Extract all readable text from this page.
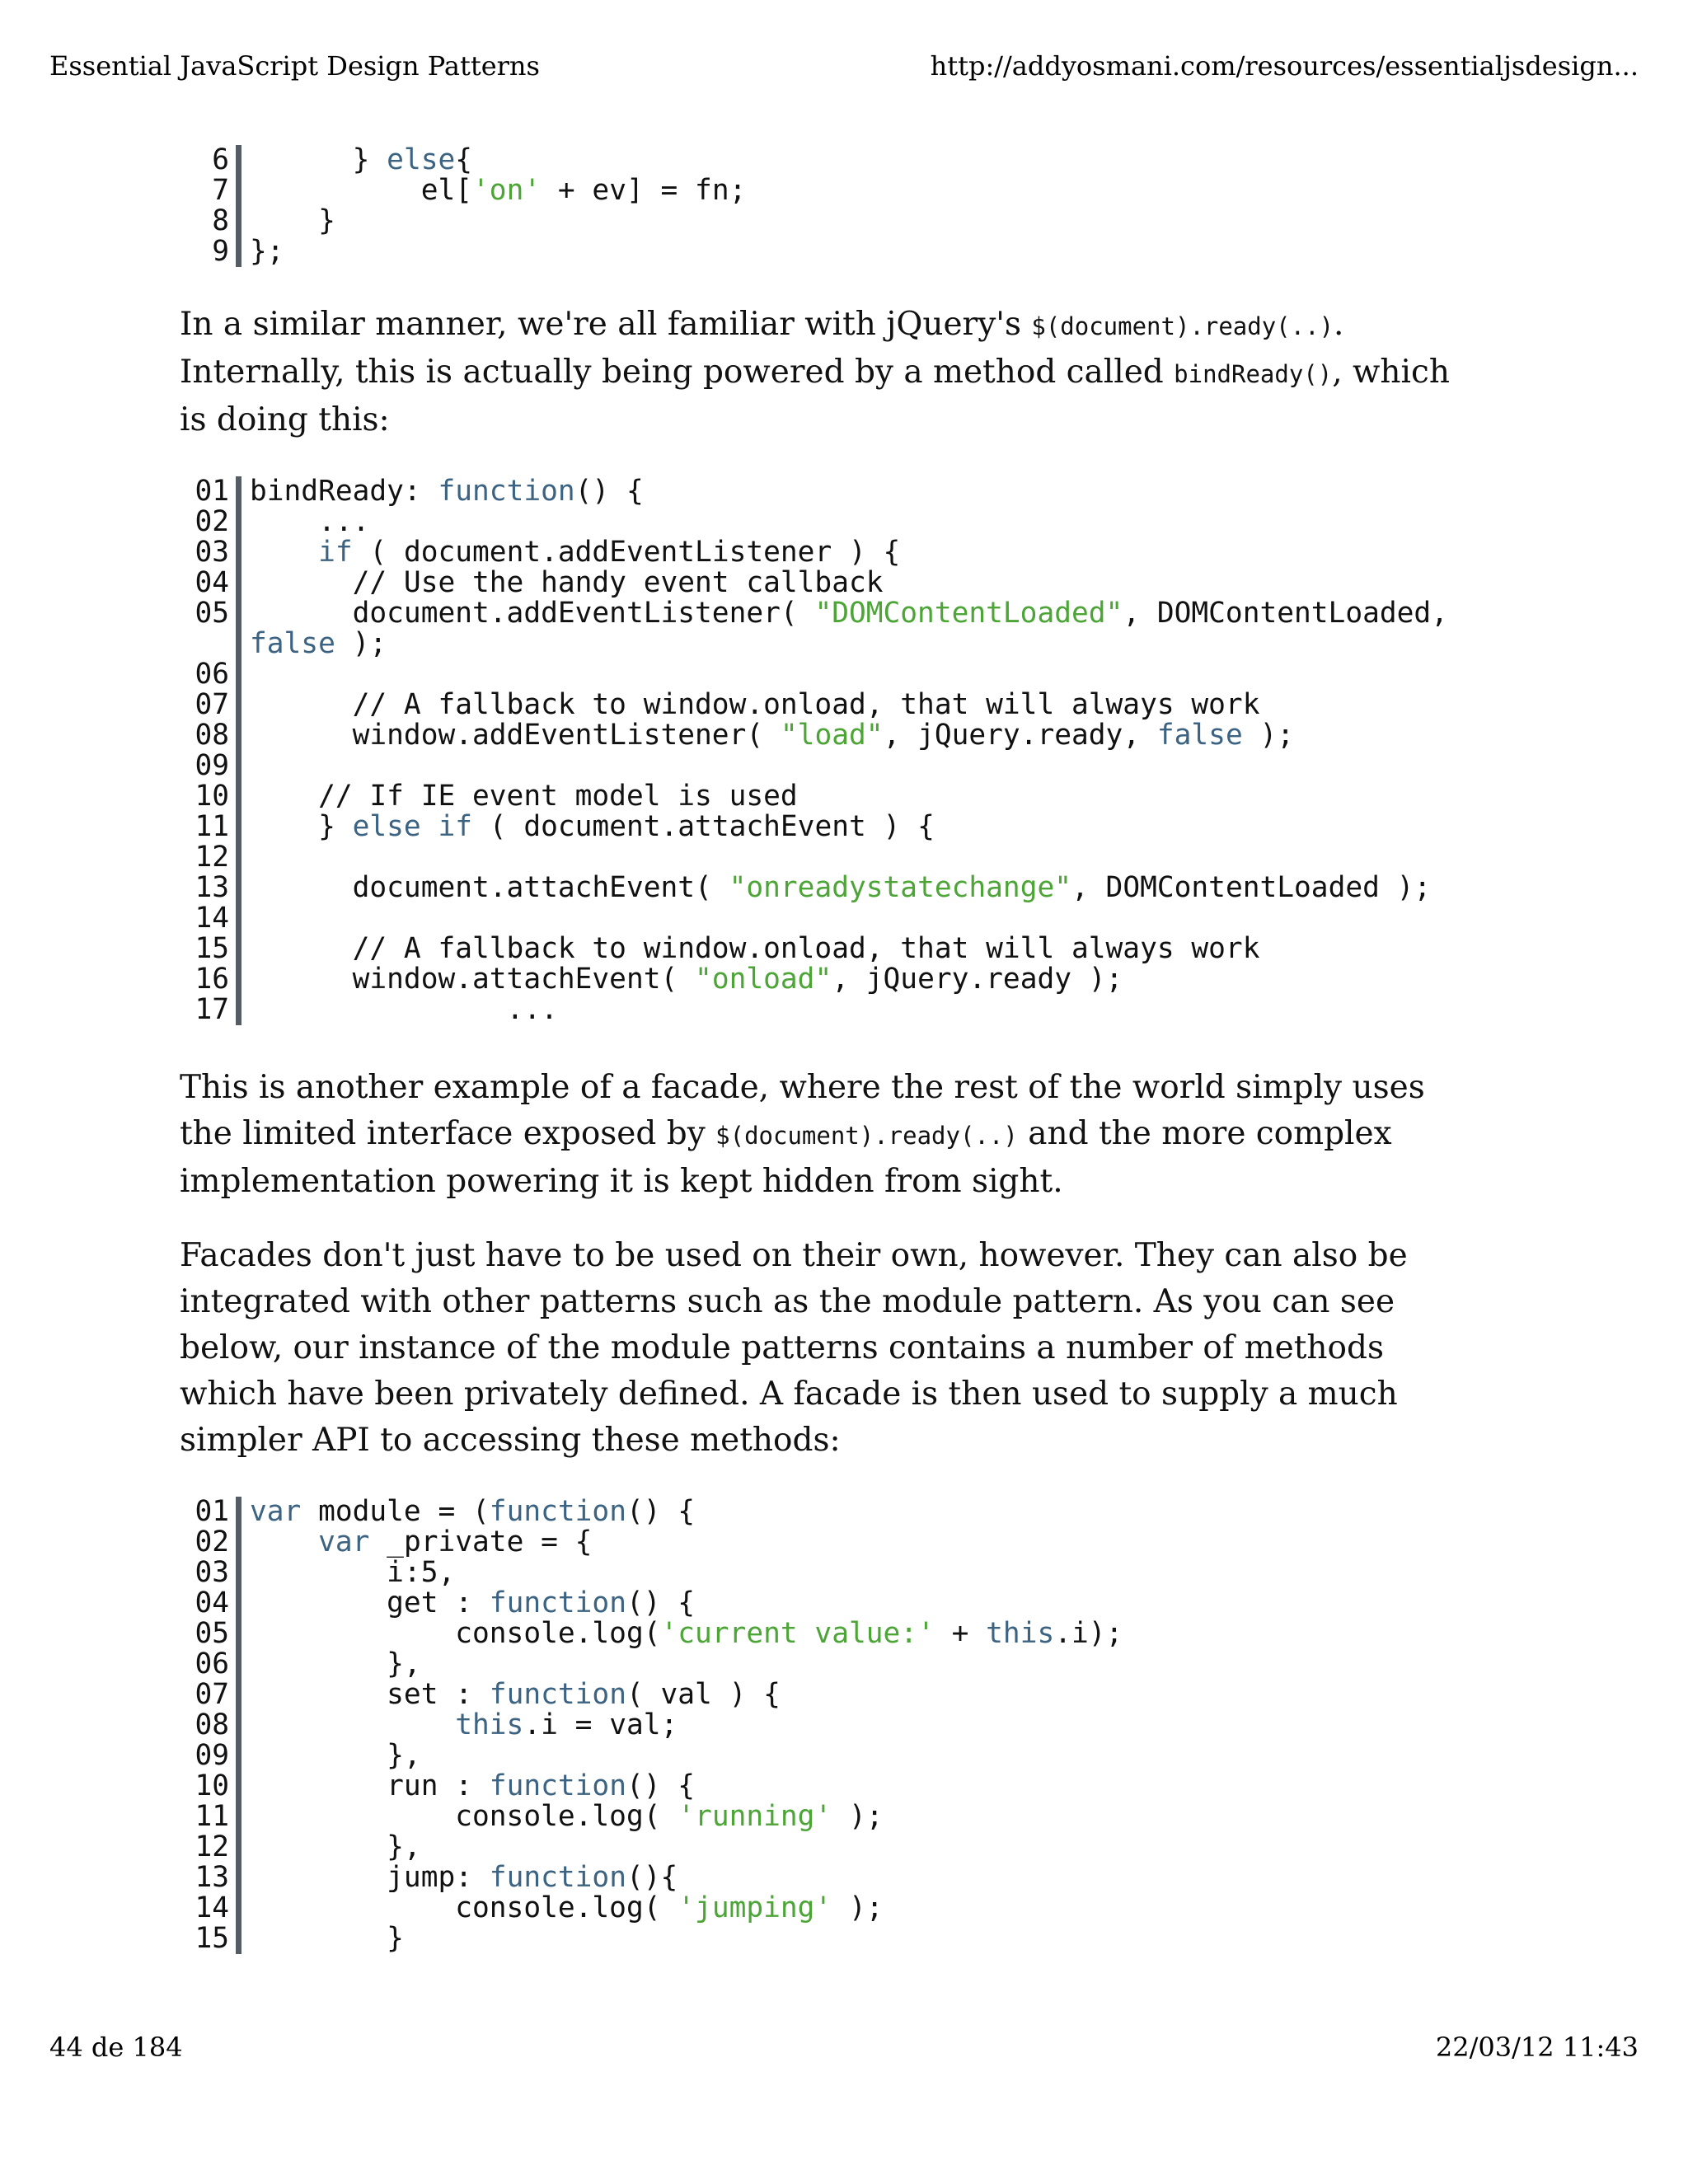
Essential JavaScript Design Patterns	http://addyosmani.com/resources/essentialjsdesign...
6
7
8
9
} else{
el['on' + ev] = fn;
}
};

In a similar manner, we're all familiar with jQuery's $(document).ready(..). Internally, this is actually being powered by a method called bindReady(), which is doing this:

01
02
03
04
05
06
07
08
09
10
11
12
13
14
15
16
17
bindReady: function() {
...
if ( document.addEventListener ) {
// Use the handy event callback
document.addEventListener( "DOMContentLoaded", DOMContentLoaded,
false );
// A fallback to window.onload, that will always work
window.addEventListener( "load", jQuery.ready, false );
// If IE event model is used
} else if ( document.attachEvent ) {
document.attachEvent( "onreadystatechange", DOMContentLoaded );
// A fallback to window.onload, that will always work
window.attachEvent( "onload", jQuery.ready );
...

This is another example of a facade, where the rest of the world simply uses the limited interface exposed by $(document).ready(..) and the more complex implementation powering it is kept hidden from sight.

Facades don't just have to be used on their own, however. They can also be integrated with other patterns such as the module pattern. As you can see below, our instance of the module patterns contains a number of methods which have been privately defined. A facade is then used to supply a much simpler API to accessing these methods:

01
02
03
04
05
06
07
08
09
10
11
12
13
14
15
var module = (function() {
var _private = {
i:5,
get : function() {
console.log('current value:' + this.i);
},
set : function( val ) {
this.i = val;
},
run : function() {
console.log( 'running' );
},
jump: function(){
console.log( 'jumping' );
}
44 de 184	22/03/12 11:43
